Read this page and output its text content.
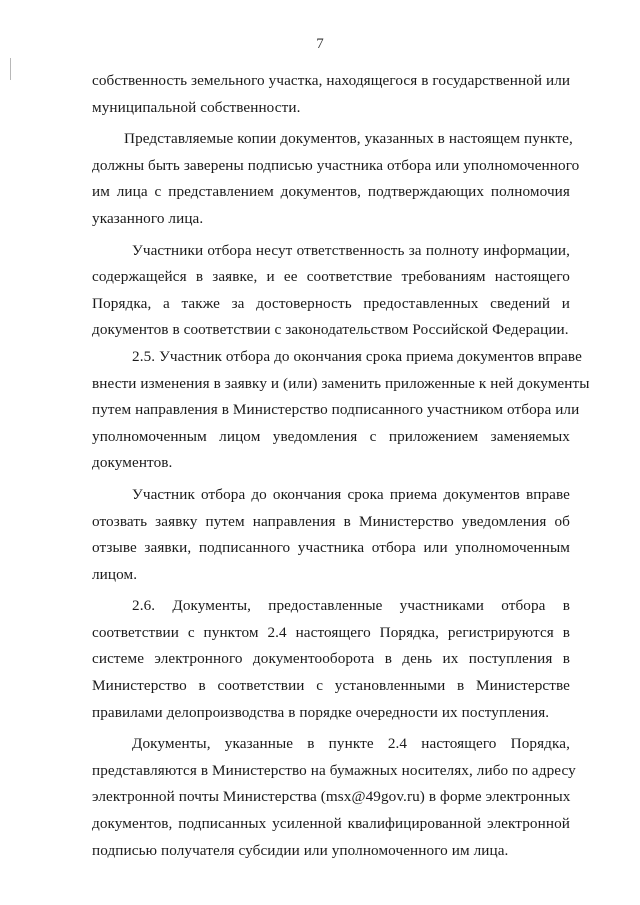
7

собственность земельного участка, находящегося в государственной или
муниципальной собственности.

Представляемые копии документов, указанных в настоящем пункте,
должны быть заверены подписью участника отбора или уполномоченного
им лица с представлением документов, подтверждающих полномочия
указанного лица.

Участники отбора несут ответственность за полноту информации,
содержащейся в заявке, и ее соответствие требованиям настоящего
Порядка, а также за достоверность предоставленных сведений и
документов в соответствии с законодательством Российской Федерации.

2.5. Участник отбора до окончания срока приема документов вправе
внести изменения в заявку и (или) заменить приложенные к ней документы
путем направления в Министерство подписанного участником отбора или
уполномоченным лицом уведомления с приложением заменяемых
документов.

Участник отбора до окончания срока приема документов вправе
отозвать заявку путем направления в Министерство уведомления об
отзыве заявки, подписанного участника отбора или уполномоченным
лицом.

2.6. Документы, предоставленные участниками отбора в
соответствии с пунктом 2.4 настоящего Порядка, регистрируются в
системе электронного документооборота в день их поступления в
Министерство в соответствии с установленными в Министерстве
правилами делопроизводства в порядке очередности их поступления.

Документы, указанные в пункте 2.4 настоящего Порядка,
представляются в Министерство на бумажных носителях, либо по адресу
электронной почты Министерства (msx@49gov.ru) в форме электронных
документов, подписанных усиленной квалифицированной электронной
подписью получателя субсидии или уполномоченного им лица.
